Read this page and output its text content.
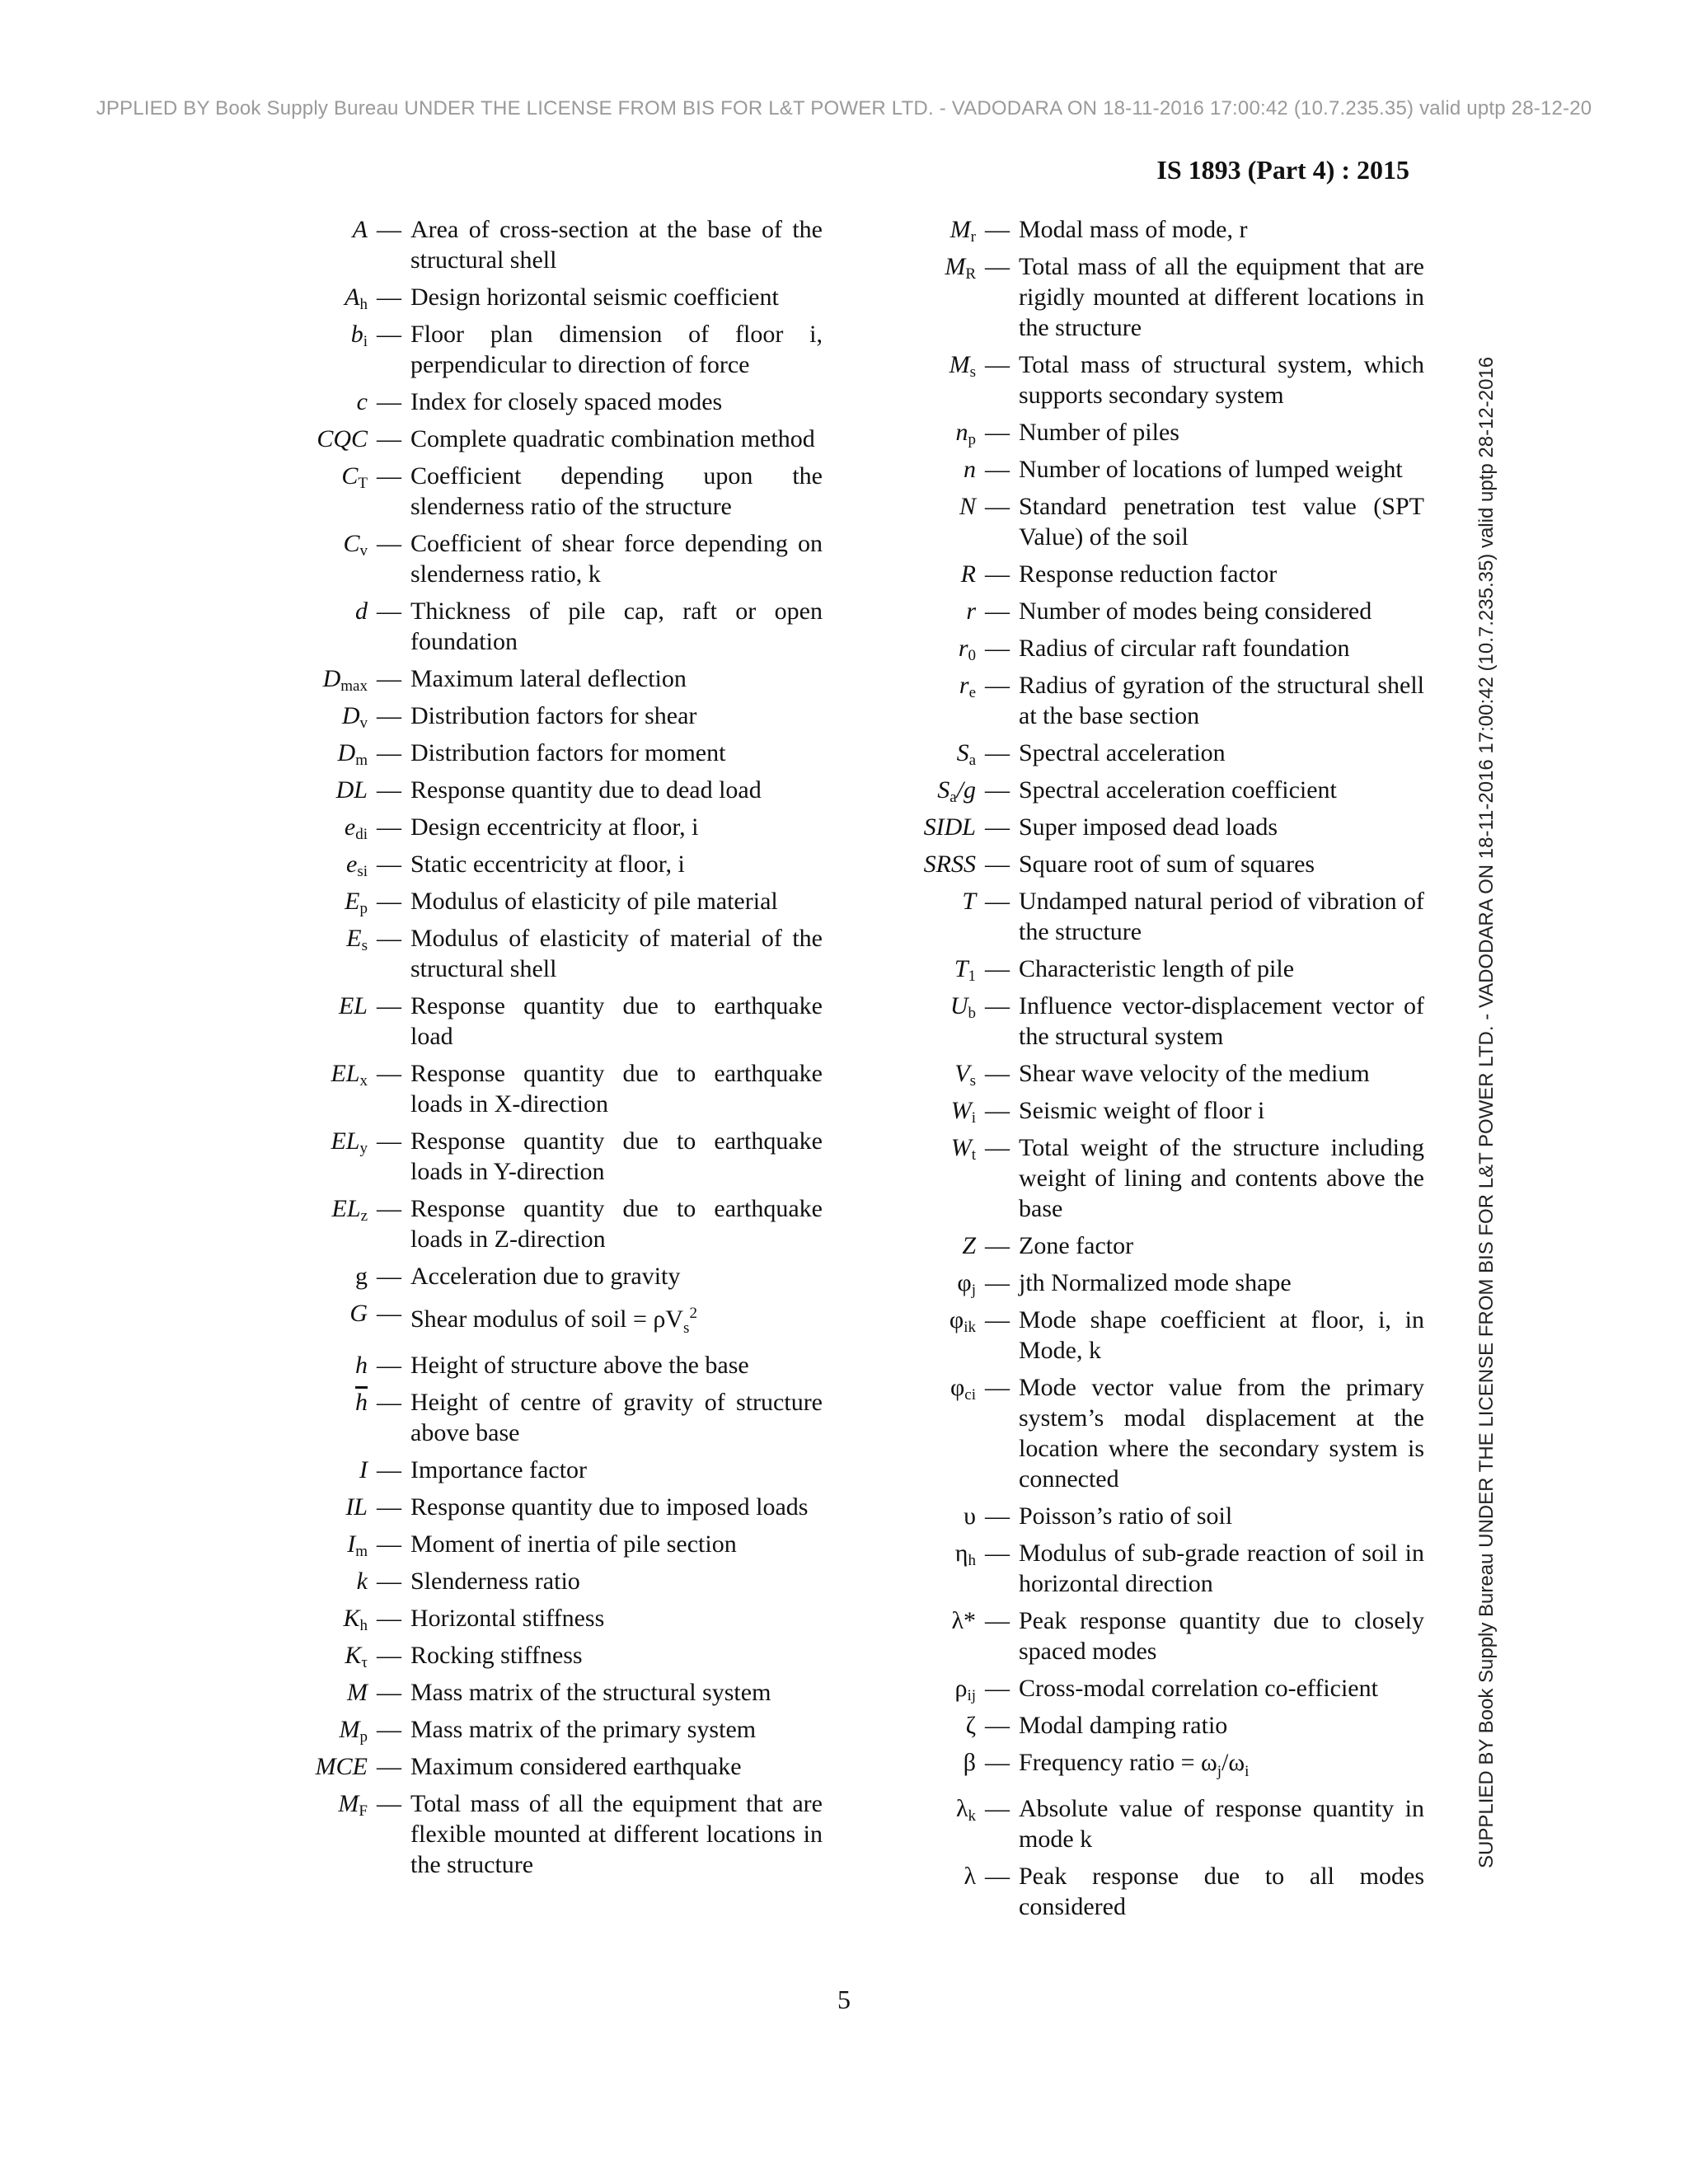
JPPLIED BY Book Supply Bureau UNDER THE LICENSE FROM BIS FOR L&T POWER LTD. - VADODARA ON 18-11-2016 17:00:42 (10.7.235.35) valid uptp 28-12-20
SUPPLIED BY Book Supply Bureau UNDER THE LICENSE FROM BIS FOR L&T POWER LTD. - VADODARA ON 18-11-2016 17:00:42 (10.7.235.35) valid uptp 28-12-2016
IS 1893 (Part 4) : 2015
A — Area of cross-section at the base of the structural shell
$A_h$ — Design horizontal seismic coefficient
$b_i$ — Floor plan dimension of floor i, perpendicular to direction of force
c — Index for closely spaced modes
CQC — Complete quadratic combination method
$C_T$ — Coefficient depending upon the slenderness ratio of the structure
$C_v$ — Coefficient of shear force depending on slenderness ratio, k
d — Thickness of pile cap, raft or open foundation
$D_{max}$ — Maximum lateral deflection
$D_v$ — Distribution factors for shear
$D_m$ — Distribution factors for moment
DL — Response quantity due to dead load
$e_{di}$ — Design eccentricity at floor, i
$e_{si}$ — Static eccentricity at floor, i
$E_p$ — Modulus of elasticity of pile material
$E_s$ — Modulus of elasticity of material of the structural shell
EL — Response quantity due to earthquake load
$EL_x$ — Response quantity due to earthquake loads in X-direction
$EL_y$ — Response quantity due to earthquake loads in Y-direction
$EL_z$ — Response quantity due to earthquake loads in Z-direction
g — Acceleration due to gravity
G — Shear modulus of soil = $\rho V_s^2$
h — Height of structure above the base
$\overline{h}$ — Height of centre of gravity of structure above base
I — Importance factor
IL — Response quantity due to imposed loads
$I_m$ — Moment of inertia of pile section
k — Slenderness ratio
$K_h$ — Horizontal stiffness
$K_\tau$ — Rocking stiffness
M — Mass matrix of the structural system
$M_p$ — Mass matrix of the primary system
MCE — Maximum considered earthquake
$M_F$ — Total mass of all the equipment that are flexible mounted at different locations in the structure
$M_r$ — Modal mass of mode, r
$M_R$ — Total mass of all the equipment that are rigidly mounted at different locations in the structure
$M_s$ — Total mass of structural system, which supports secondary system
$n_p$ — Number of piles
n — Number of locations of lumped weight
N — Standard penetration test value (SPT Value) of the soil
R — Response reduction factor
r — Number of modes being considered
$r_0$ — Radius of circular raft foundation
$r_e$ — Radius of gyration of the structural shell at the base section
$S_a$ — Spectral acceleration
$S_a/g$ — Spectral acceleration coefficient
SIDL — Super imposed dead loads
SRSS — Square root of sum of squares
T — Undamped natural period of vibration of the structure
$T_1$ — Characteristic length of pile
$U_b$ — Influence vector-displacement vector of the structural system
$V_s$ — Shear wave velocity of the medium
$W_i$ — Seismic weight of floor i
$W_t$ — Total weight of the structure including weight of lining and contents above the base
Z — Zone factor
$\varphi_j$ — jth Normalized mode shape
$\varphi_{ik}$ — Mode shape coefficient at floor, i, in Mode, k
$\varphi_{ci}$ — Mode vector value from the primary system’s modal displacement at the location where the secondary system is connected
υ — Poisson’s ratio of soil
$\eta_h$ — Modulus of sub-grade reaction of soil in horizontal direction
λ* — Peak response quantity due to closely spaced modes
$\rho_{ij}$ — Cross-modal correlation co-efficient
ζ — Modal damping ratio
β — Frequency ratio = $\omega_j/\omega_i$
$\lambda_k$ — Absolute value of response quantity in mode k
λ — Peak response due to all modes considered
5
